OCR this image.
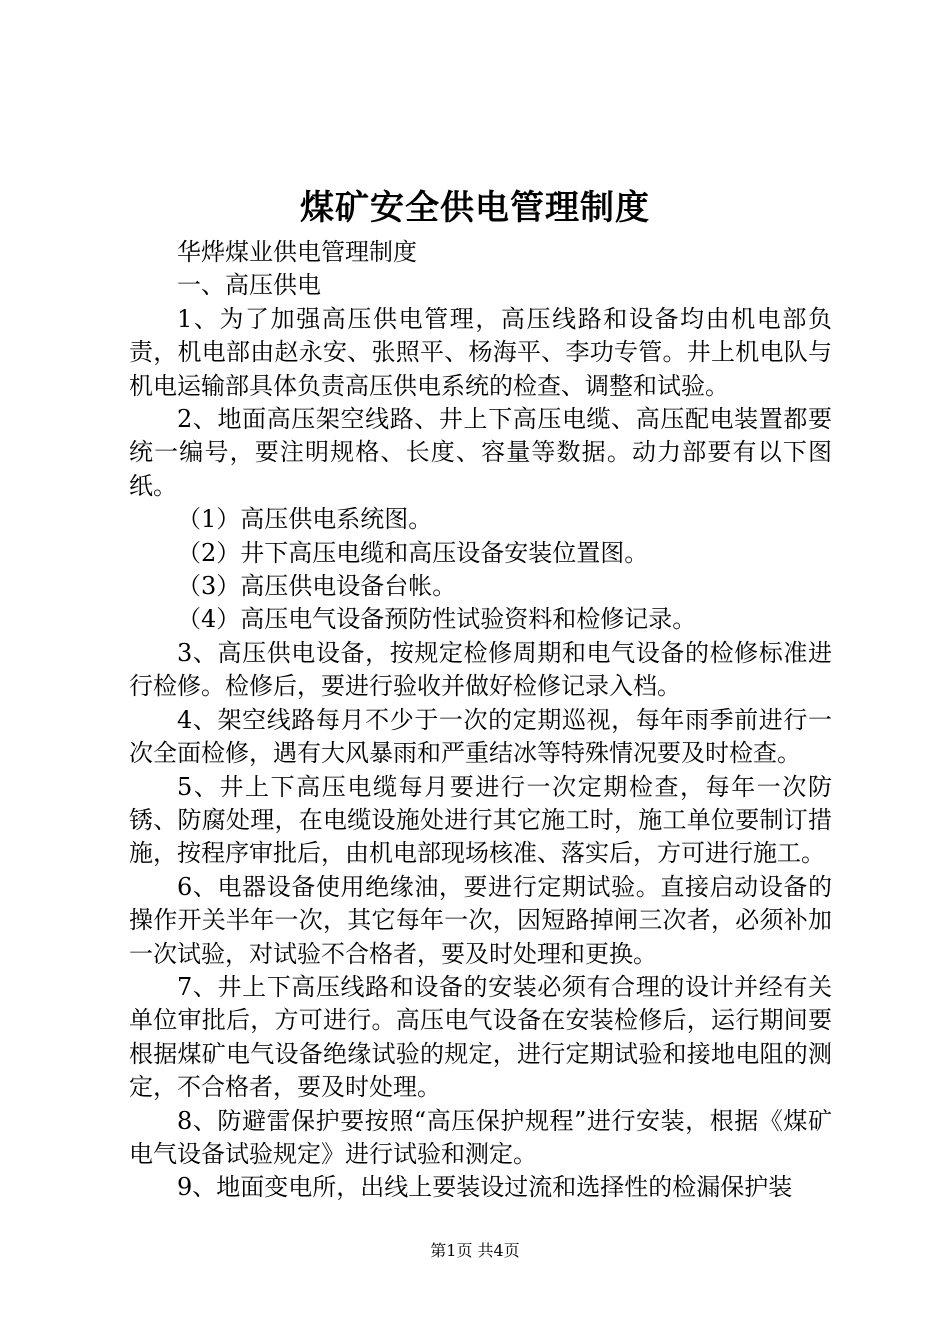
煤矿安全供电管理制度

华烨煤业供电管理制度

一、高压供电

1、为了加强高压供电管理，高压线路和设备均由机电部负责，机电部由赵永安、张照平、杨海平、李功专管。井上机电队与机电运输部具体负责高压供电系统的检查、调整和试验。

2、地面高压架空线路、井上下高压电缆、高压配电装置都要统一编号，要注明规格、长度、容量等数据。动力部要有以下图纸。

（1）高压供电系统图。

（2）井下高压电缆和高压设备安装位置图。

（3）高压供电设备台帐。

（4）高压电气设备预防性试验资料和检修记录。

3、高压供电设备，按规定检修周期和电气设备的检修标准进行检修。检修后，要进行验收并做好检修记录入档。

4、架空线路每月不少于一次的定期巡视，每年雨季前进行一次全面检修，遇有大风暴雨和严重结冰等特殊情况要及时检查。

5、井上下高压电缆每月要进行一次定期检查，每年一次防锈、防腐处理，在电缆设施处进行其它施工时，施工单位要制订措施，按程序审批后，由机电部现场核准、落实后，方可进行施工。

6、电器设备使用绝缘油，要进行定期试验。直接启动设备的操作开关半年一次，其它每年一次，因短路掉闸三次者，必须补加一次试验，对试验不合格者，要及时处理和更换。

7、井上下高压线路和设备的安装必须有合理的设计并经有关单位审批后，方可进行。高压电气设备在安装检修后，运行期间要根据煤矿电气设备绝缘试验的规定，进行定期试验和接地电阻的测定，不合格者，要及时处理。

8、防避雷保护要按照“高压保护规程”进行安装，根据《煤矿电气设备试验规定》进行试验和测定。

9、地面变电所，出线上要装设过流和选择性的检漏保护装

第1页 共4页
